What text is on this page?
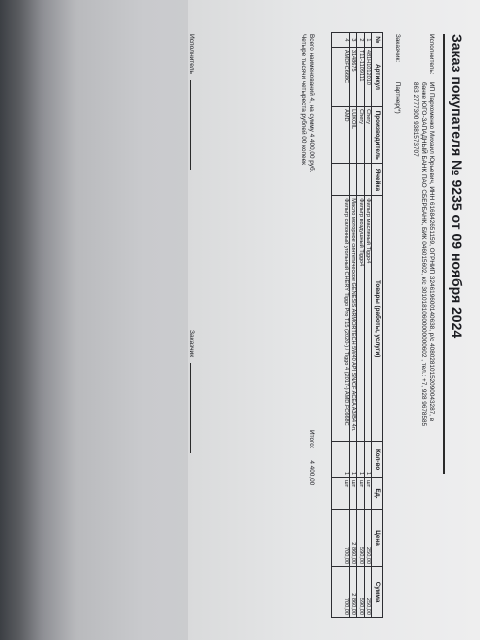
Заказ покупателя № 9235 от 09 ноября 2024
Исполнитель:
ИП Пархоменко Михаил Юрьевич, ИНН 616842651159, ОГРНИП 324619600140638, р/с 40802810152090043287, в банке ЮГО-ЗАПАДНЫЙ БАНК ПАО СБЕРБАНК, БИК 046015602, к/с 30101810600000000602 , тел.: +7, 928 9678585 863 2777300 9381573707
Заказчик: Партнер(*)
№	Артикул	Производитель	Ячейка	Товары (работы, услуги)	Кол-во	Ед.	Цена	Сумма
1	481H1012010	Chery		Фильтр масляный Tiggo4	1	шт	250,00	250,00
2	T11-1109111	Chery		Фильтр воздушный Tiggo4	1	шт	590,00	590,00
3	3148675	LUKOIL		Масло моторное синтетическое GENESIS ARMORTECH 5W40 API SN/CF ACEA A3/B4 4л.	1	шт	2 860,00	2 860,00
4	AMDFC668C	AMD		Фильтр салонный угольный CHERY Tiggo Pro T15 (2020-) / Tiggo 4 (2017-) AMD.FC668C	1	шт	700,00	700,00
Итого: 4 400,00
Всего наименований 4, на сумму 4 400,00 руб.
Четыре тысячи четыреста рублей 00 копеек
Исполнитель
Заказчик
